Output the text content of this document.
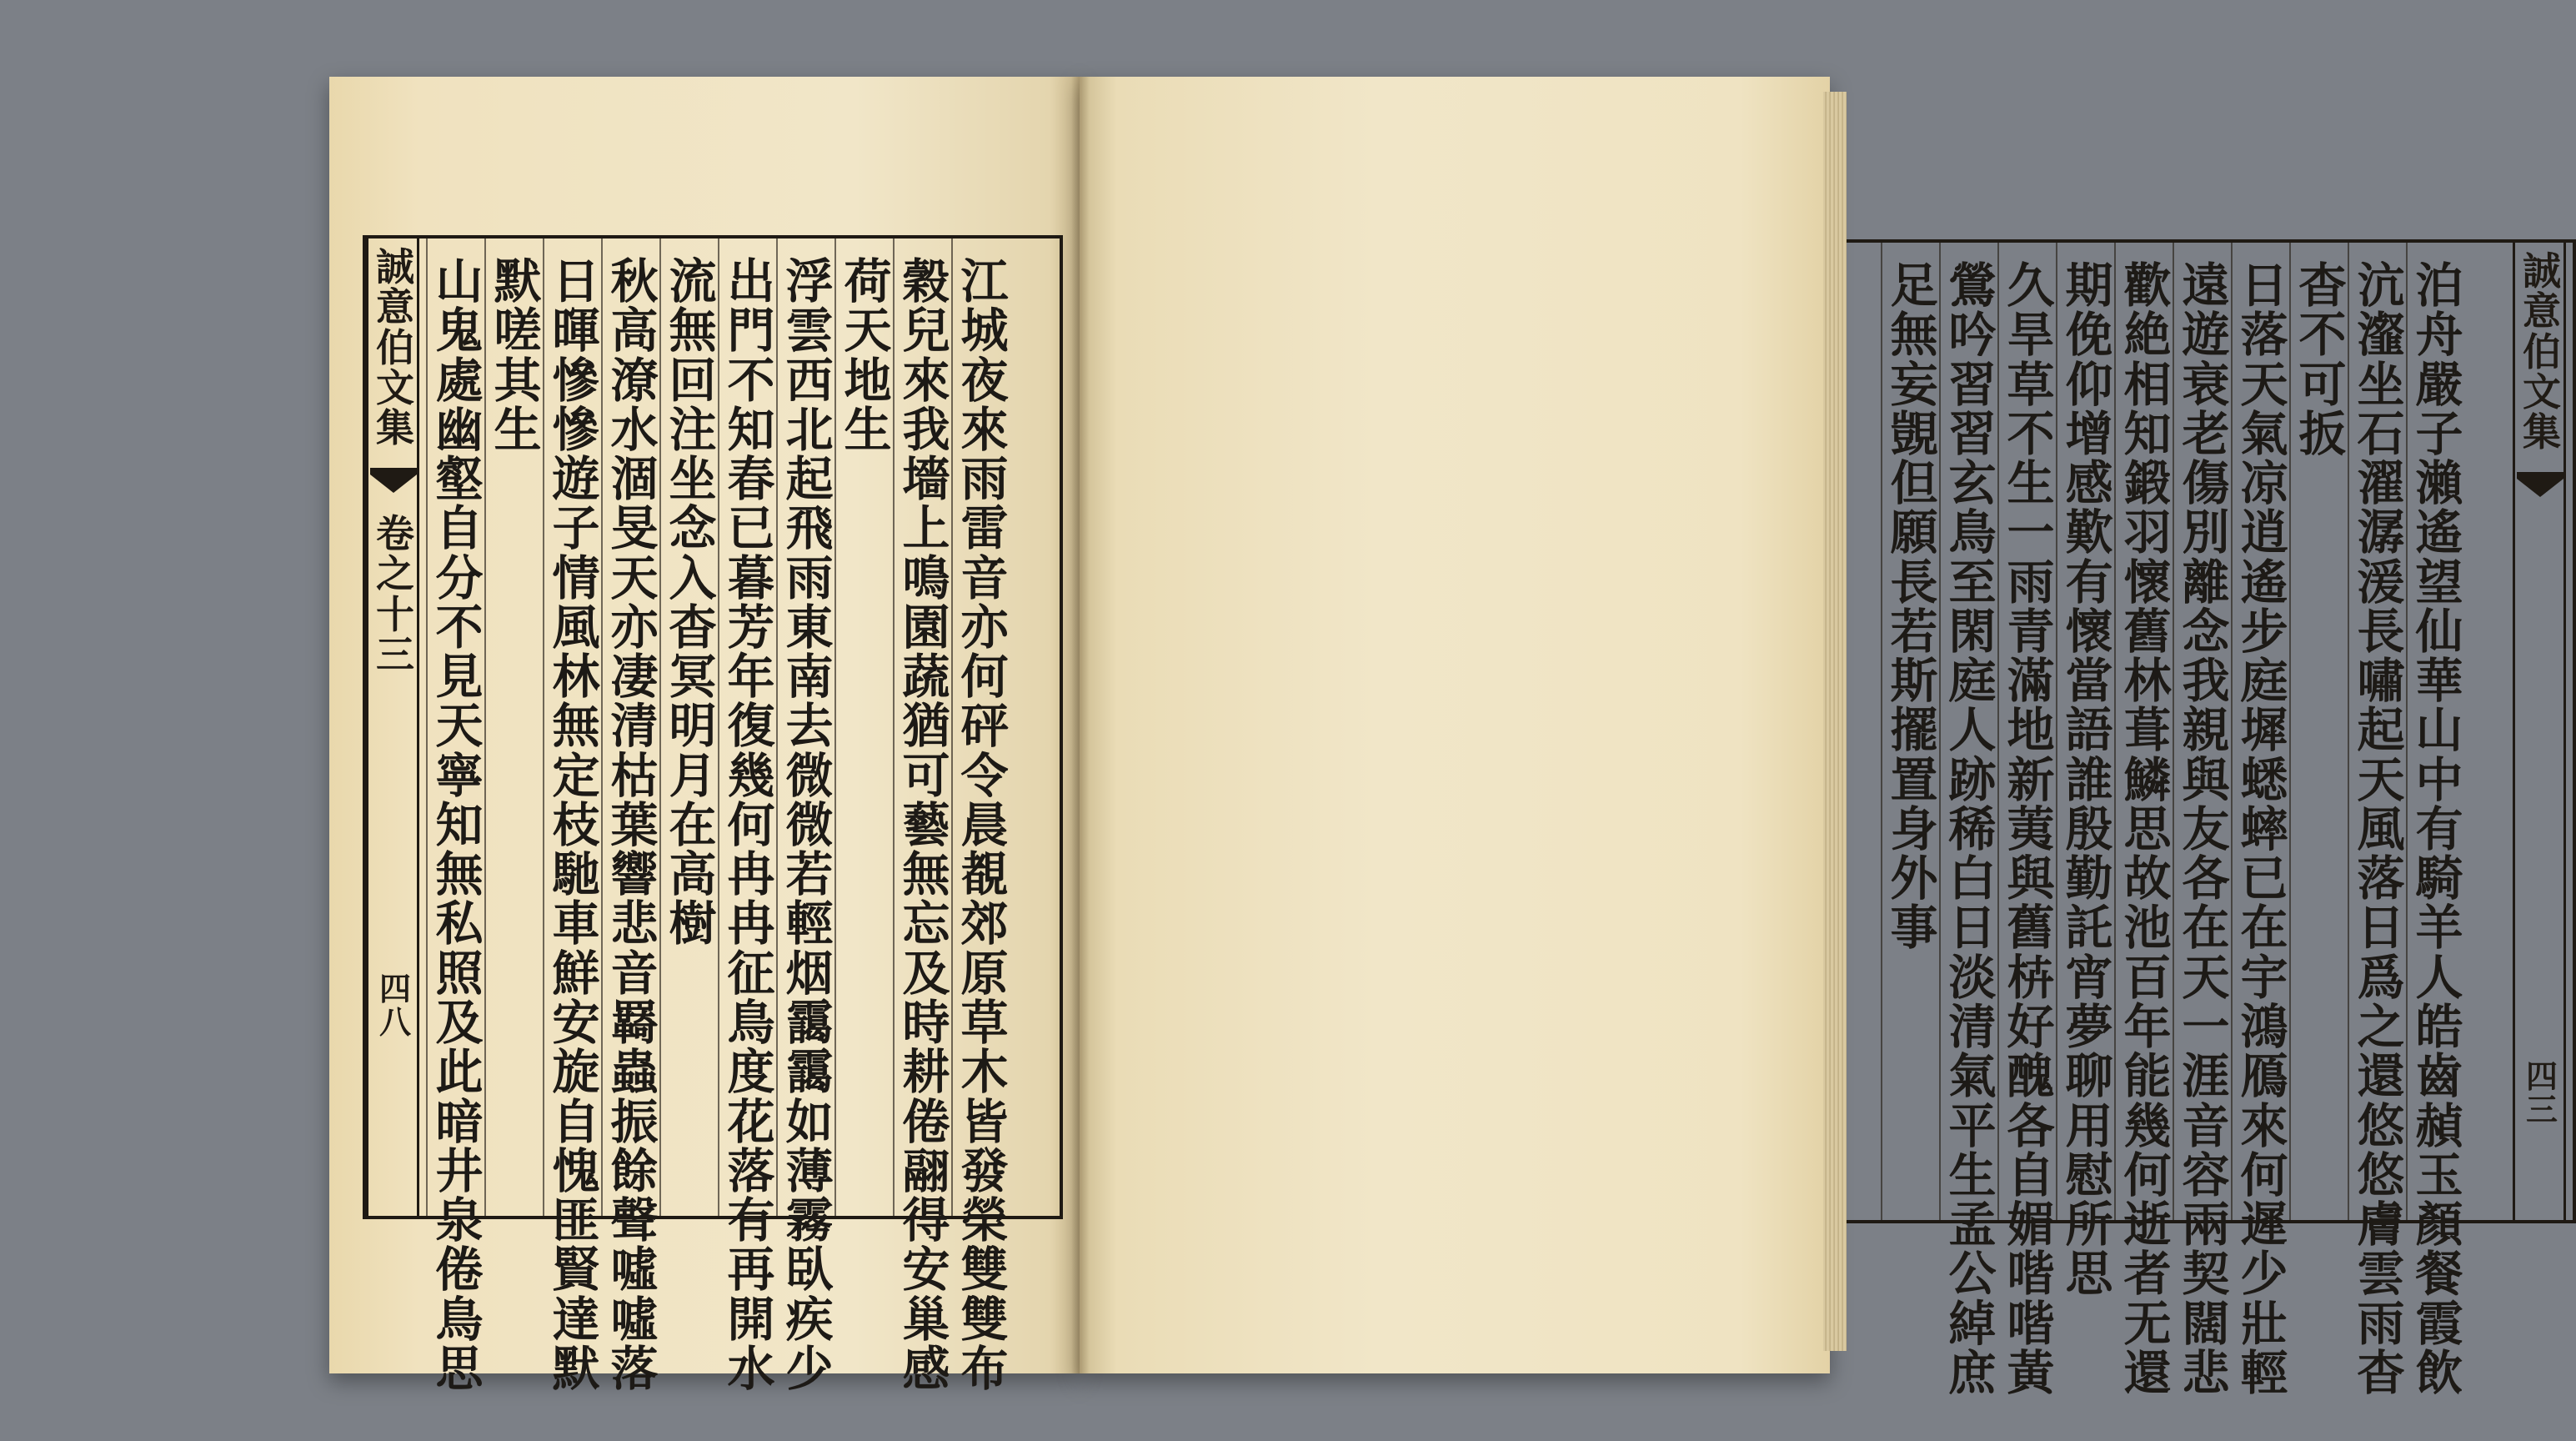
江
城
夜
來
雨
雷
音
亦
何
砰
令
晨
覩
郊
原
草
木
皆
發
榮
雙
雙
布
穀
兒
來
我
墻
上
鳴
園
蔬
猶
可
藝
無
忘
及
時
耕
倦
翮
得
安
巢
感
荷
天
地
生
浮
雲
西
北
起
飛
雨
東
南
去
微
微
若
輕
烟
靄
靄
如
薄
霧
臥
疾
少
出
門
不
知
春
已
暮
芳
年
復
幾
何
冉
冉
征
鳥
度
花
落
有
再
開
水
流
無
回
注
坐
念
入
杳
冥
明
月
在
高
樹
秋
高
潦
水
涸
旻
天
亦
凄
清
枯
葉
響
悲
音
羇
蟲
振
餘
聲
噓
噓
落
日
暉
慘
慘
遊
子
情
風
林
無
定
枝
馳
車
鮮
安
旋
自
愧
匪
賢
達
默
默
嗟
其
生
山
鬼
處
幽
壑
自
分
不
見
天
寧
知
無
私
照
及
此
暗
井
泉
倦
鳥
思
誠
意
伯
文
集
卷
之
十
三
四
八
泊
舟
嚴
子
瀨
遙
望
仙
華
山
中
有
騎
羊
人
皓
齒
赬
玉
顏
餐
霞
飲
沆
瀣
坐
石
濯
潺
湲
長
嘯
起
天
風
落
日
爲
之
還
悠
悠
膚
雲
雨
杳
杳
不
可
扳
日
落
天
氣
凉
逍
遙
步
庭
墀
蟋
蟀
已
在
宇
鴻
鴈
來
何
遲
少
壯
輕
遠
遊
衰
老
傷
別
離
念
我
親
與
友
各
在
天
一
涯
音
容
兩
契
闊
悲
歡
絶
相
知
鍛
羽
懷
舊
林
葺
鱗
思
故
池
百
年
能
幾
何
逝
者
无
還
期
俛
仰
增
感
歎
有
懷
當
語
誰
殷
勤
託
宵
夢
聊
用
慰
所
思
久
旱
草
不
生
一
雨
青
滿
地
新
荑
與
舊
枿
好
醜
各
自
媚
喈
喈
黃
鶯
吟
習
習
玄
鳥
至
閑
庭
人
跡
稀
白
日
淡
清
氣
平
生
孟
公
綽
庶
足
無
妄
覬
但
願
長
若
斯
擺
置
身
外
事
誠
意
伯
文
集
四
三
